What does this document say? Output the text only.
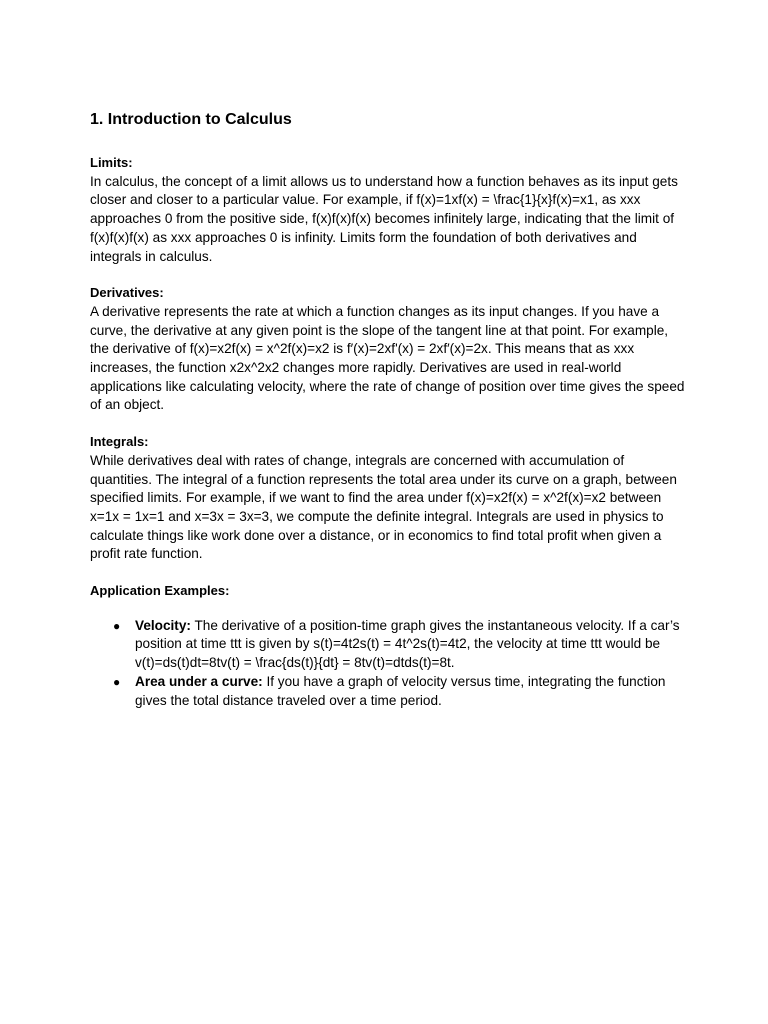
1. Introduction to Calculus

Limits:

In calculus, the concept of a limit allows us to understand how a function behaves as its input gets closer and closer to a particular value. For example, if f(x)=1xf(x) = \frac{1}{x}f(x)=x1, as xxx approaches 0 from the positive side, f(x)f(x)f(x) becomes infinitely large, indicating that the limit of f(x)f(x)f(x) as xxx approaches 0 is infinity. Limits form the foundation of both derivatives and integrals in calculus.

Derivatives:

A derivative represents the rate at which a function changes as its input changes. If you have a curve, the derivative at any given point is the slope of the tangent line at that point. For example, the derivative of f(x)=x2f(x) = x^2f(x)=x2 is f′(x)=2xf'(x) = 2xf′(x)=2x. This means that as xxx increases, the function x2x^2x2 changes more rapidly. Derivatives are used in real-world applications like calculating velocity, where the rate of change of position over time gives the speed of an object.

Integrals:

While derivatives deal with rates of change, integrals are concerned with accumulation of quantities. The integral of a function represents the total area under its curve on a graph, between specified limits. For example, if we want to find the area under f(x)=x2f(x) = x^2f(x)=x2 between x=1x = 1x=1 and x=3x = 3x=3, we compute the definite integral. Integrals are used in physics to calculate things like work done over a distance, or in economics to find total profit when given a profit rate function.

Application Examples:

● Velocity: The derivative of a position-time graph gives the instantaneous velocity. If a car’s position at time ttt is given by s(t)=4t2s(t) = 4t^2s(t)=4t2, the velocity at time ttt would be v(t)=ds(t)dt=8tv(t) = \frac{ds(t)}{dt} = 8tv(t)=dtds(t)=8t.
● Area under a curve: If you have a graph of velocity versus time, integrating the function gives the total distance traveled over a time period.
